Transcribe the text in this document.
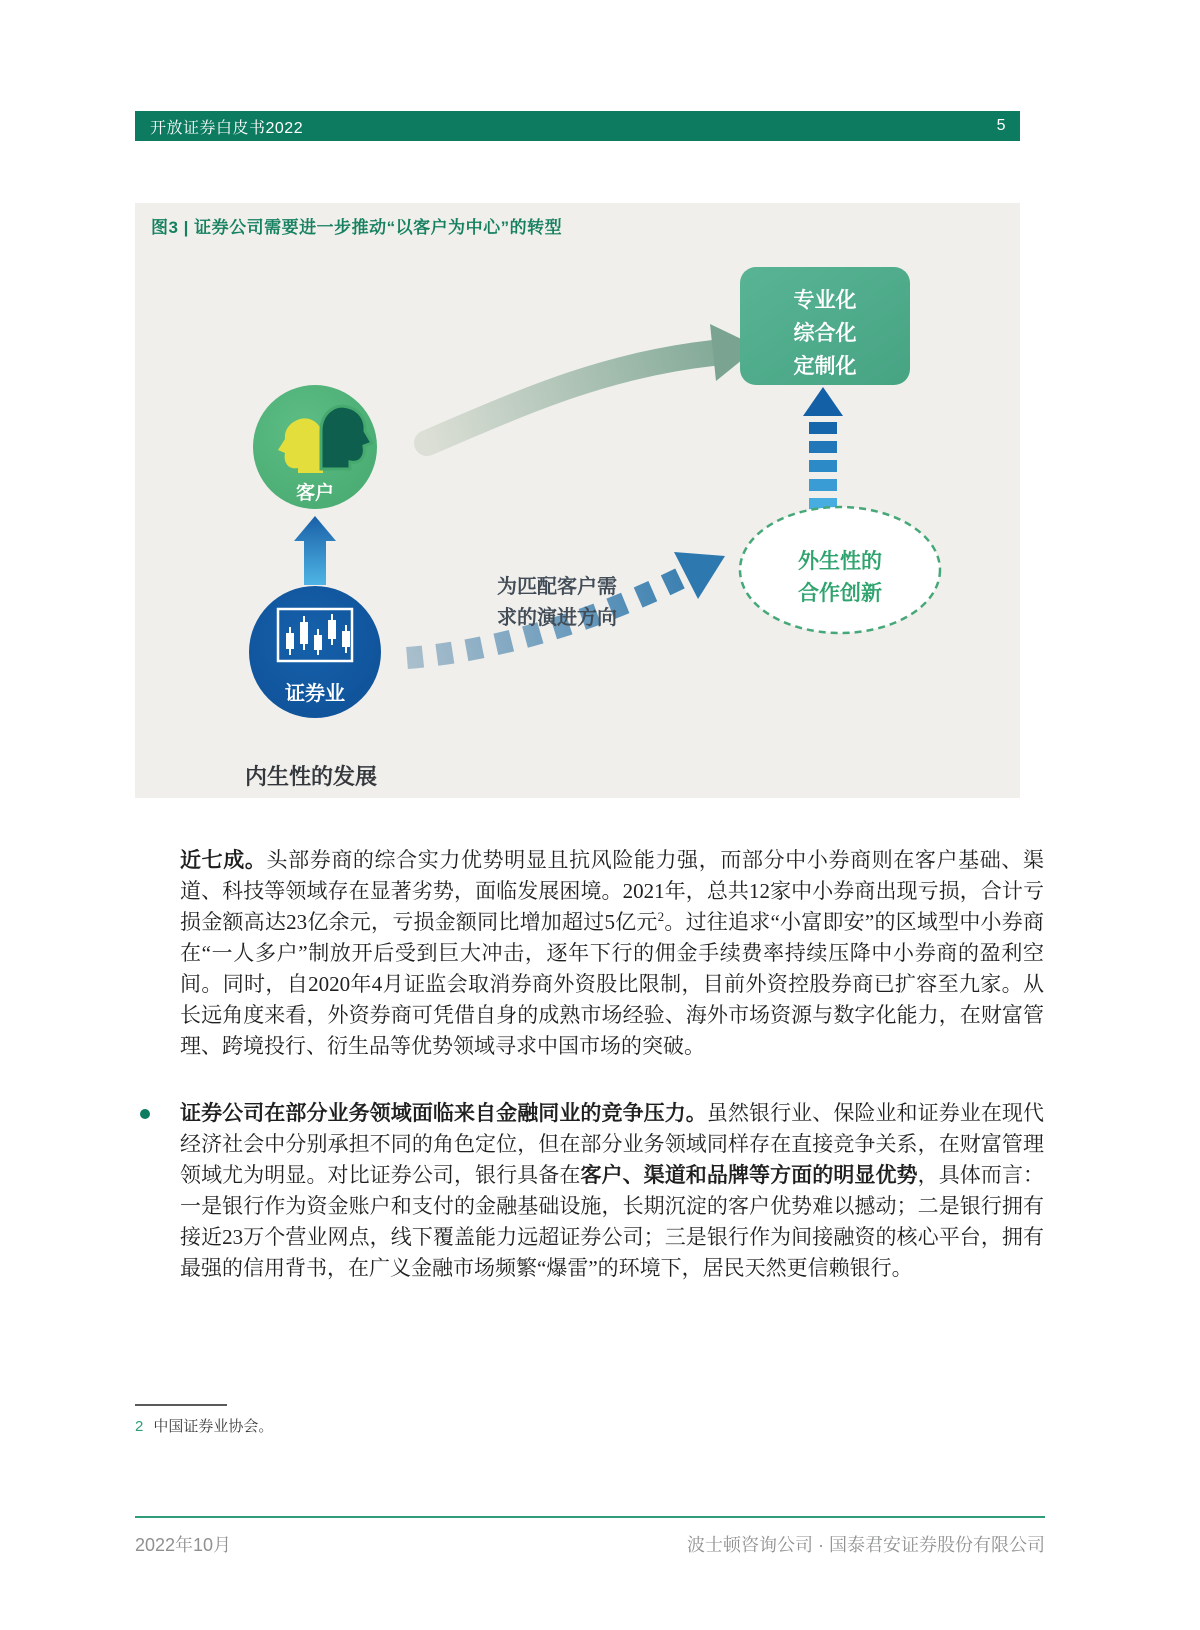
开放证券白皮书2022	5
专业化
综合化
定制化
客户
证券业
外生性的
合作创新
为匹配客户需
求的演进方向
内生性的发展
图3 | 证券公司需要进一步推动“以客户为中心”的转型

近七成。头部券商的综合实力优势明显且抗风险能力强，而部分中小券商则在客户基础、渠道、科技等领域存在显著劣势，面临发展困境。2021年，总共12家中小券商出现亏损，合计亏损金额高达23亿余元，亏损金额同比增加超过5亿元$^2$。过往追求“小富即安”的区域型中小券商在“一人多户”制放开后受到巨大冲击，逐年下行的佣金手续费率持续压降中小券商的盈利空间。同时，自2020年4月证监会取消券商外资股比限制，目前外资控股券商已扩容至九家。从长远角度来看，外资券商可凭借自身的成熟市场经验、海外市场资源与数字化能力，在财富管理、跨境投行、衍生品等优势领域寻求中国市场的突破。

证券公司在部分业务领域面临来自金融同业的竞争压力。虽然银行业、保险业和证券业在现代经济社会中分别承担不同的角色定位，但在部分业务领域同样存在直接竞争关系，在财富管理领域尤为明显。对比证券公司，银行具备在客户、渠道和品牌等方面的明显优势，具体而言：一是银行作为资金账户和支付的金融基础设施，长期沉淀的客户优势难以撼动；二是银行拥有接近23万个营业网点，线下覆盖能力远超证券公司；三是银行作为间接融资的核心平台，拥有最强的信用背书，在广义金融市场频繁“爆雷”的环境下，居民天然更信赖银行。

2 中国证券业协会。
2022年10月	波士顿咨询公司 · 国泰君安证券股份有限公司
